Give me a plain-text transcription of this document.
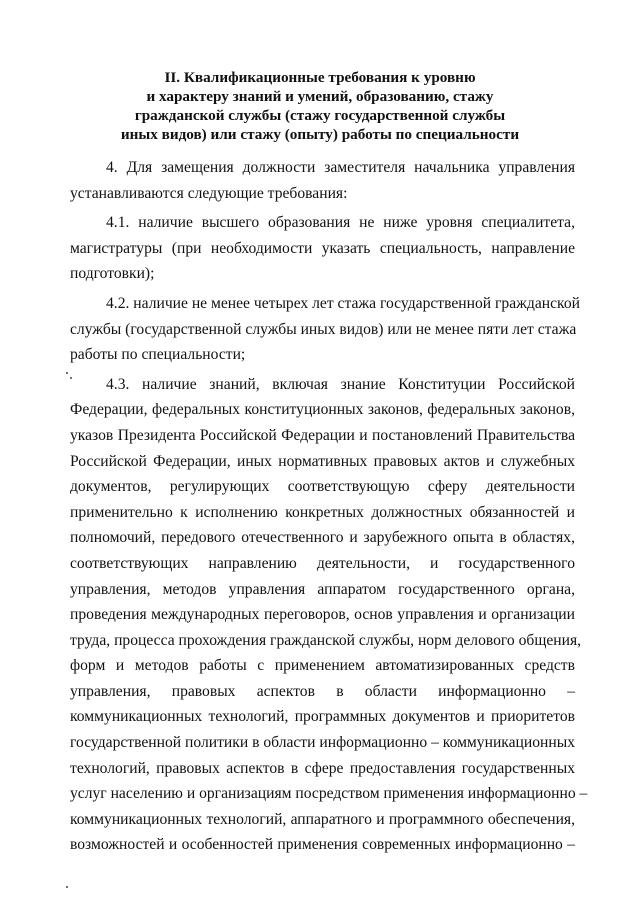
II. Квалификационные требования к уровню
и характеру знаний и умений, образованию, стажу
гражданской службы (стажу государственной службы
иных видов) или стажу (опыту) работы по специальности
4. Для замещения должности заместителя начальника управления
устанавливаются следующие требования:
4.1. наличие высшего образования не ниже уровня специалитета,
магистратуры (при необходимости указать специальность, направление
подготовки);
4.2. наличие не менее четырех лет стажа государственной гражданской
службы (государственной службы иных видов) или не менее пяти лет стажа
работы по специальности;
4.3. наличие знаний, включая знание Конституции Российской
Федерации, федеральных конституционных законов, федеральных законов,
указов Президента Российской Федерации и постановлений Правительства
Российской Федерации, иных нормативных правовых актов и служебных
документов, регулирующих соответствующую сферу деятельности
применительно к исполнению конкретных должностных обязанностей и
полномочий, передового отечественного и зарубежного опыта в областях,
соответствующих направлению деятельности, и государственного
управления, методов управления аппаратом государственного органа,
проведения международных переговоров, основ управления и организации
труда, процесса прохождения гражданской службы, норм делового общения,
форм и методов работы с применением автоматизированных средств
управления, правовых аспектов в области информационно –
коммуникационных технологий, программных документов и приоритетов
государственной политики в области информационно – коммуникационных
технологий, правовых аспектов в сфере предоставления государственных
услуг населению и организациям посредством применения информационно –
коммуникационных технологий, аппаратного и программного обеспечения,
возможностей и особенностей применения современных информационно –
